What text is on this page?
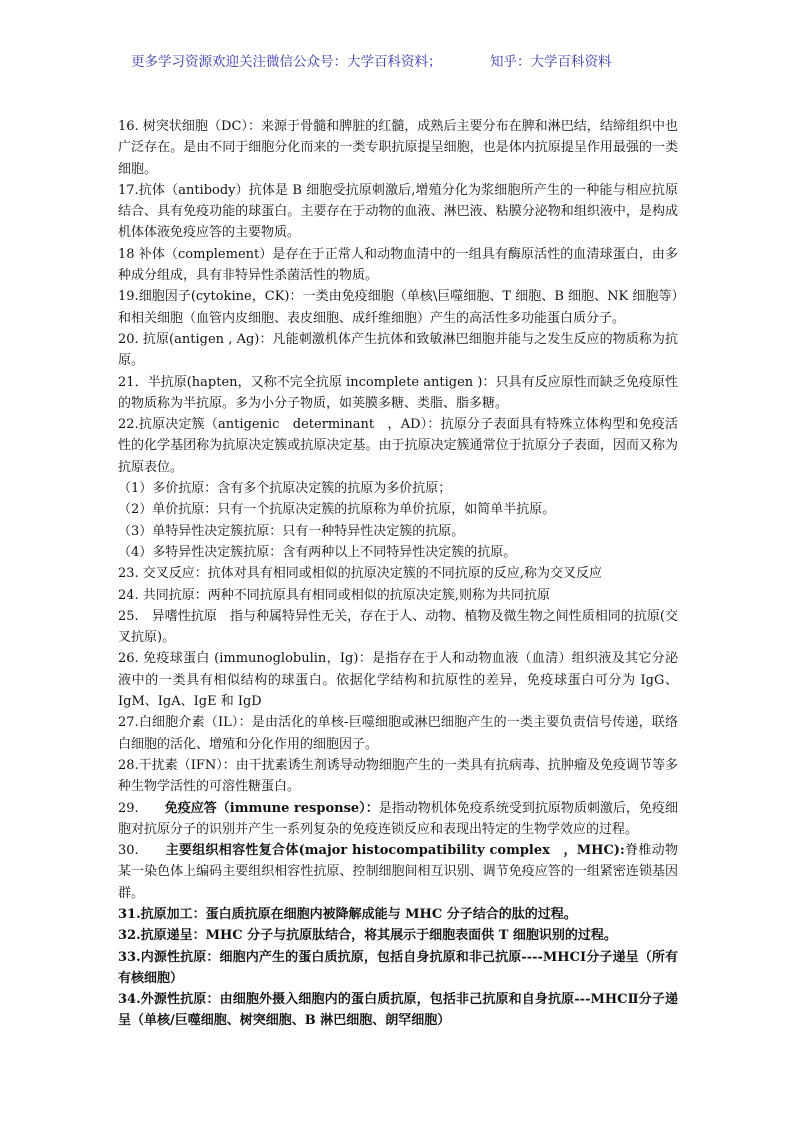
更多学习资源欢迎关注微信公众号：大学百科资料；	知乎：大学百科资料

16. 树突状细胞（DC）：来源于骨髓和脾脏的红髓，成熟后主要分布在脾和淋巴结，结缔组织中也广泛存在。是由不同于细胞分化而来的一类专职抗原提呈细胞，也是体内抗原提呈作用最强的一类细胞。

17.抗体（antibody）抗体是 B 细胞受抗原刺激后,增殖分化为浆细胞所产生的一种能与相应抗原结合、具有免疫功能的球蛋白。主要存在于动物的血液、淋巴液、粘膜分泌物和组织液中，是构成机体体液免疫应答的主要物质。

18 补体（complement）是存在于正常人和动物血清中的一组具有酶原活性的血清球蛋白，由多种成分组成，具有非特异性杀菌活性的物质。

19.细胞因子(cytokine，CK)：一类由免疫细胞（单核\巨噬细胞、T 细胞、B 细胞、NK 细胞等）和相关细胞（血管内皮细胞、表皮细胞、成纤维细胞）产生的高活性多功能蛋白质分子。

20. 抗原(antigen , Ag)：凡能刺激机体产生抗体和致敏淋巴细胞并能与之发生反应的物质称为抗原。

21．半抗原(hapten，又称不完全抗原 incomplete antigen )：只具有反应原性而缺乏免疫原性的物质称为半抗原。多为小分子物质，如荚膜多糖、类脂、脂多糖。

22.抗原决定簇（antigenic　determinant　，AD）：抗原分子表面具有特殊立体构型和免疫活性的化学基团称为抗原决定簇或抗原决定基。由于抗原决定簇通常位于抗原分子表面，因而又称为抗原表位。

（1）多价抗原：含有多个抗原决定簇的抗原为多价抗原；

（2）单价抗原：只有一个抗原决定簇的抗原称为单价抗原，如简单半抗原。

（3）单特异性决定簇抗原：只有一种特异性决定簇的抗原。

（4）多特异性决定簇抗原：含有两种以上不同特异性决定簇的抗原。

23. 交叉反应：抗体对具有相同或相似的抗原决定簇的不同抗原的反应,称为交叉反应

24. 共同抗原：两种不同抗原具有相同或相似的抗原决定簇,则称为共同抗原

25.　异嗜性抗原　指与种属特异性无关，存在于人、动物、植物及微生物之间性质相同的抗原(交叉抗原)。

26. 免疫球蛋白 (immunoglobulin，Ig)：是指存在于人和动物血液（血清）组织液及其它分泌液中的一类具有相似结构的球蛋白。依据化学结构和抗原性的差异，免疫球蛋白可分为 IgG、IgM、IgA、IgE 和 IgD

27.白细胞介素（IL）：是由活化的单核-巨噬细胞或淋巴细胞产生的一类主要负责信号传递，联络白细胞的活化、增殖和分化作用的细胞因子。

28.干扰素（IFN）：由干扰素诱生剂诱导动物细胞产生的一类具有抗病毒、抗肿瘤及免疫调节等多种生物学活性的可溶性糖蛋白。

29.　　免疫应答（immune response）：是指动物机体免疫系统受到抗原物质刺激后，免疫细胞对抗原分子的识别并产生一系列复杂的免疫连锁反应和表现出特定的生物学效应的过程。

30.　　主要组织相容性复合体(major histocompatibility complex　，MHC):脊椎动物某一染色体上编码主要组织相容性抗原、控制细胞间相互识别、调节免疫应答的一组紧密连锁基因群。

31.抗原加工：蛋白质抗原在细胞内被降解成能与 MHC 分子结合的肽的过程。

32.抗原递呈：MHC 分子与抗原肽结合，将其展示于细胞表面供 T 细胞识别的过程。

33.内源性抗原：细胞内产生的蛋白质抗原，包括自身抗原和非己抗原----MHCⅠ分子递呈（所有有核细胞）

34.外源性抗原：由细胞外摄入细胞内的蛋白质抗原，包括非己抗原和自身抗原---MHCⅡ分子递呈（单核/巨噬细胞、树突细胞、B 淋巴细胞、朗罕细胞）
